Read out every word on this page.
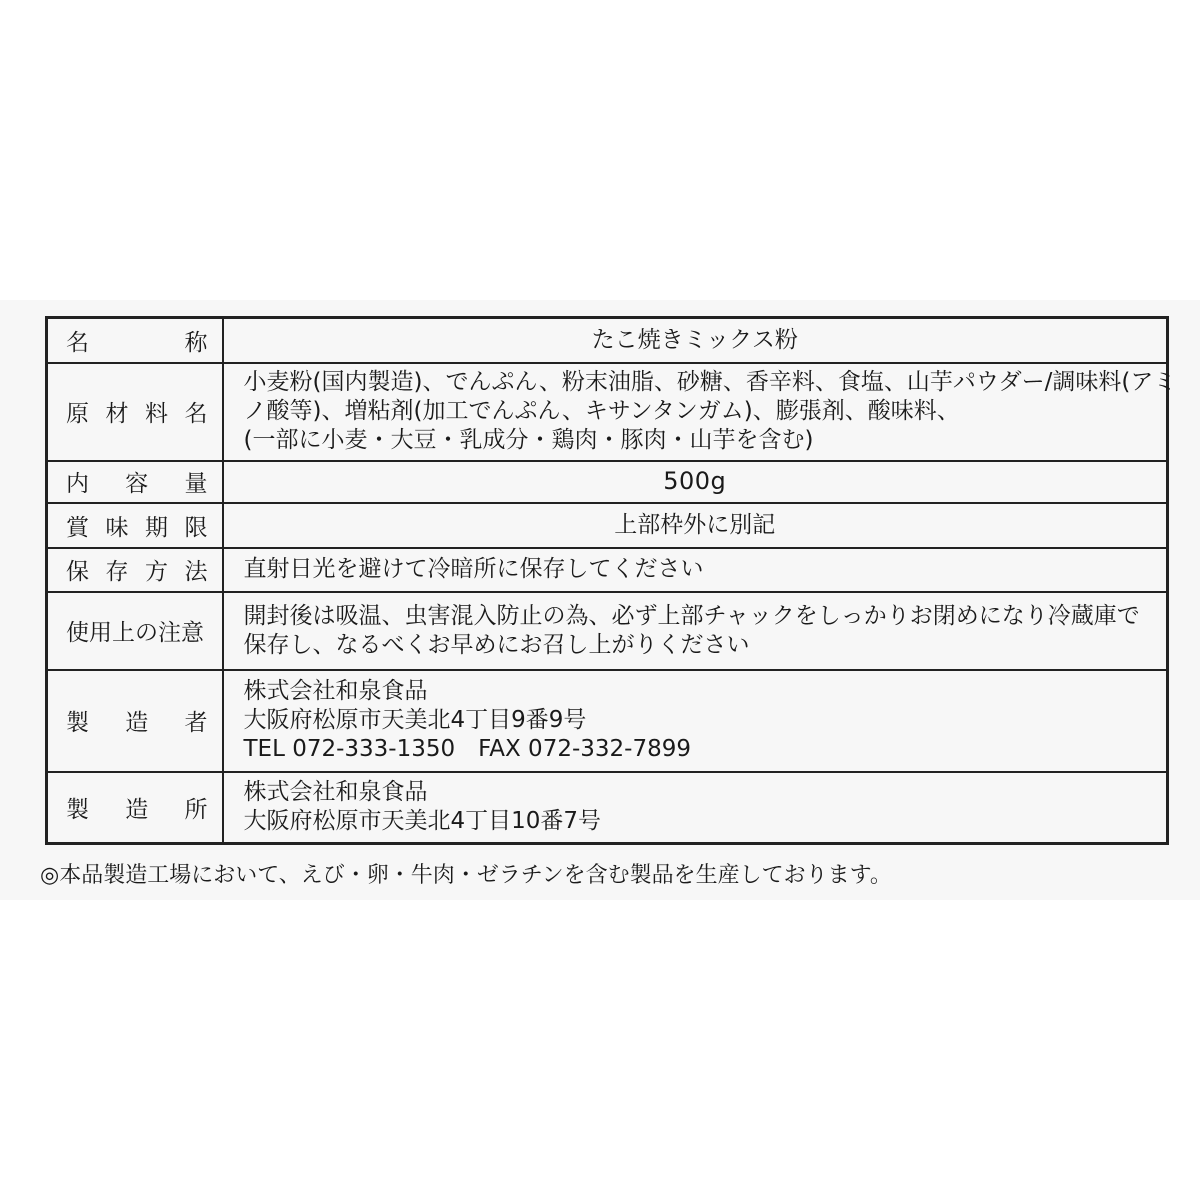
名 称	たこ焼きミックス粉

原 材 料 名	小麦粉(国内製造)、でんぷん、粉末油脂、砂糖、香辛料、食塩、山芋パウダー/調味料(アミ
ノ酸等)、増粘剤(加工でんぷん、キサンタンガム)、膨張剤、酸味料、
(一部に小麦・大豆・乳成分・鶏肉・豚肉・山芋を含む)

内 容 量	500g

賞 味 期 限	上部枠外に別記

保 存 方 法	直射日光を避けて冷暗所に保存してください

使用上の注意	開封後は吸温、虫害混入防止の為、必ず上部チャックをしっかりお閉めになり冷蔵庫で
保存し、なるべくお早めにお召し上がりください

製 造 者	株式会社和泉食品
大阪府松原市天美北4丁目9番9号
TEL 072-333-1350　FAX 072-332-7899

製 造 所	株式会社和泉食品
大阪府松原市天美北4丁目10番7号
◎本品製造工場において、えび・卵・牛肉・ゼラチンを含む製品を生産しております。
